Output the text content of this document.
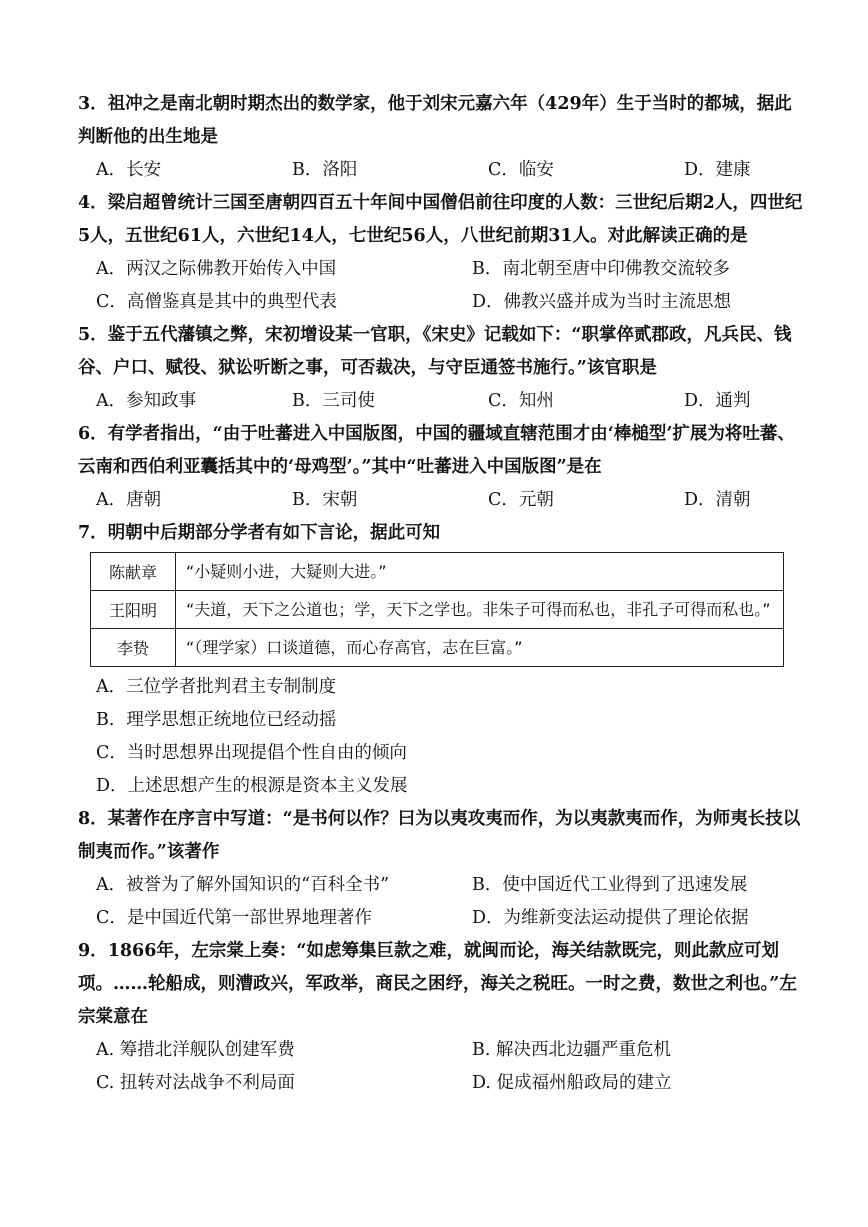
3．祖冲之是南北朝时期杰出的数学家，他于刘宋元嘉六年（429年）生于当时的都城，据此判断他的出生地是
A．长安	B．洛阳	C．临安	D．建康
4．梁启超曾统计三国至唐朝四百五十年间中国僧侣前往印度的人数：三世纪后期2人，四世纪5人，五世纪61人，六世纪14人，七世纪56人，八世纪前期31人。对此解读正确的是
A．两汉之际佛教开始传入中国	B．南北朝至唐中印佛教交流较多
C．高僧鉴真是其中的典型代表	D．佛教兴盛并成为当时主流思想
5．鉴于五代藩镇之弊，宋初增设某一官职，《宋史》记载如下：“职掌倅贰郡政，凡兵民、钱谷、户口、赋役、狱讼听断之事，可否裁决，与守臣通签书施行。”该官职是
A．参知政事	B．三司使	C．知州	D．通判
6．有学者指出，“由于吐蕃进入中国版图，中国的疆域直辖范围才由‘棒槌型’扩展为将吐蕃、云南和西伯利亚囊括其中的‘母鸡型’。”其中“吐蕃进入中国版图”是在
A．唐朝	B．宋朝	C．元朝	D．清朝
7．明朝中后期部分学者有如下言论，据此可知
陈献章	“小疑则小进，大疑则大进。”
王阳明	“夫道，天下之公道也；学，天下之学也。非朱子可得而私也，非孔子可得而私也。”
李贽	“（理学家）口谈道德，而心存高官，志在巨富。”
A．三位学者批判君主专制制度
B．理学思想正统地位已经动摇
C．当时思想界出现提倡个性自由的倾向
D．上述思想产生的根源是资本主义发展
8．某著作在序言中写道：“是书何以作？曰为以夷攻夷而作，为以夷款夷而作，为师夷长技以制夷而作。”该著作
A．被誉为了解外国知识的“百科全书”	B．使中国近代工业得到了迅速发展
C．是中国近代第一部世界地理著作	D．为维新变法运动提供了理论依据
9．1866年，左宗棠上奏：“如虑筹集巨款之难，就闽而论，海关结款既完，则此款应可划项。……轮船成，则漕政兴，军政举，商民之困纾，海关之税旺。一时之费，数世之利也。”左宗棠意在
A. 筹措北洋舰队创建军费	B. 解决西北边疆严重危机
C. 扭转对法战争不利局面	D. 促成福州船政局的建立
